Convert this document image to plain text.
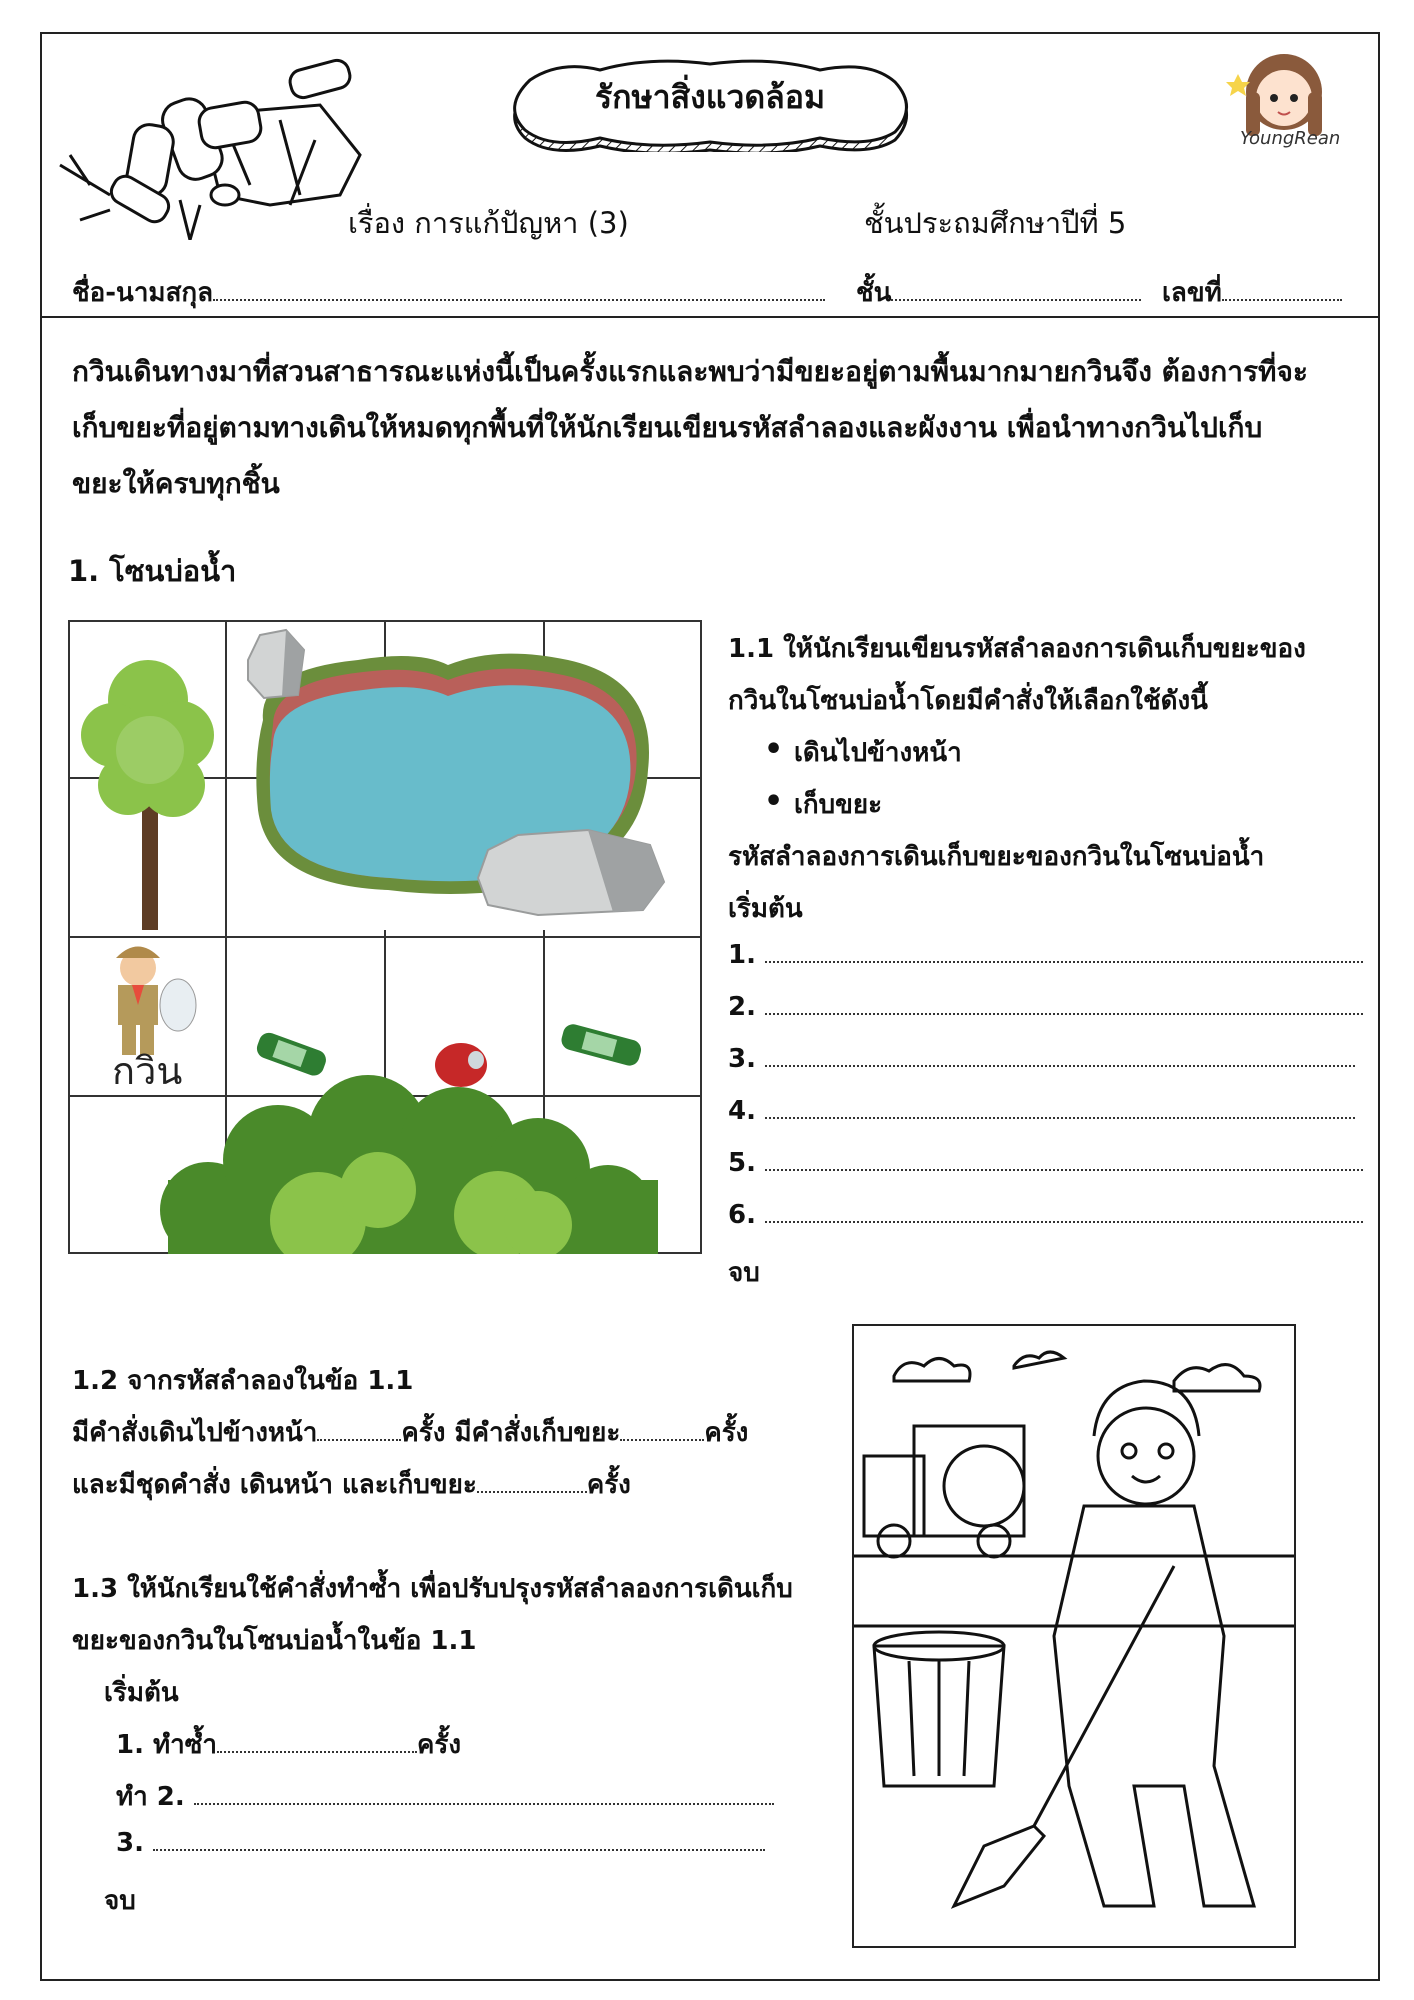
รักษาสิ่งแวดล้อม
YoungRean
เรื่อง การแก้ปัญหา (3)	ชั้นประถมศึกษาปีที่ 5
ชื่อ-นามสกุล	ชั้น	เลขที่
กวินเดินทางมาที่สวนสาธารณะแห่งนี้เป็นครั้งแรกและพบว่ามีขยะอยู่ตามพื้นมากมายกวินจึง ต้องการที่จะ
เก็บขยะที่อยู่ตามทางเดินให้หมดทุกพื้นที่ให้นักเรียนเขียนรหัสลำลองและผังงาน เพื่อนำทางกวินไปเก็บ
ขยะให้ครบทุกชิ้น
1. โซนบ่อน้ำ
กวิน
1.1 ให้นักเรียนเขียนรหัสลำลองการเดินเก็บขยะของ
กวินในโซนบ่อน้ำโดยมีคำสั่งให้เลือกใช้ดังนี้
• เดินไปข้างหน้า
• เก็บขยะ
รหัสลำลองการเดินเก็บขยะของกวินในโซนบ่อน้ำ
เริ่มต้น
1.
2.
3.
4.
5.
6.
จบ
1.2 จากรหัสลำลองในข้อ 1.1
มีคำสั่งเดินไปข้างหน้า	ครั้ง มีคำสั่งเก็บขยะ	ครั้ง
และมีชุดคำสั่ง เดินหน้า และเก็บขยะ	ครั้ง
1.3 ให้นักเรียนใช้คำสั่งทำซ้ำ เพื่อปรับปรุงรหัสลำลองการเดินเก็บ
ขยะของกวินในโซนบ่อน้ำในข้อ 1.1
เริ่มต้น
1. ทำซ้ำ	ครั้ง
ทำ 2.
3.
จบ
